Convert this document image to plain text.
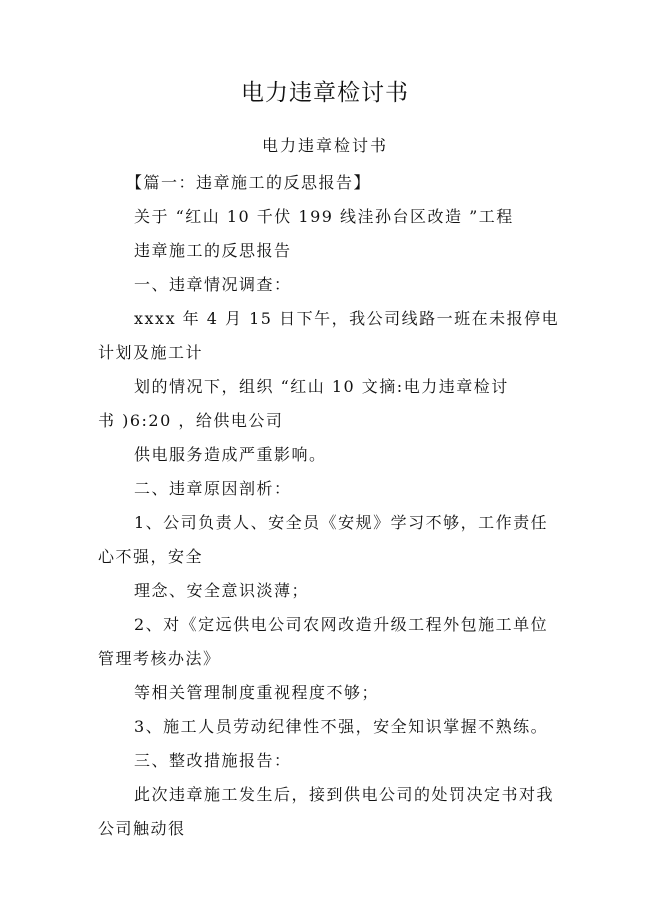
电力违章检讨书
电力违章检讨书
【篇一：违章施工的反思报告】
关于 “红山 10 千伏 199 线洼孙台区改造 ”工程
违章施工的反思报告
一、违章情况调查：
xxxx 年 4 月 15 日下午，我公司线路一班在未报停电
计划及施工计
划的情况下，组织 “红山 10 文摘:电力违章检讨
书 )6:20 ，给供电公司
供电服务造成严重影响。
二、违章原因剖析：
1、公司负责人、安全员《安规》学习不够，工作责任
心不强，安全
理念、安全意识淡薄；
2、对《定远供电公司农网改造升级工程外包施工单位
管理考核办法》
等相关管理制度重视程度不够；
3、施工人员劳动纪律性不强，安全知识掌握不熟练。
三、整改措施报告：
此次违章施工发生后，接到供电公司的处罚决定书对我
公司触动很
